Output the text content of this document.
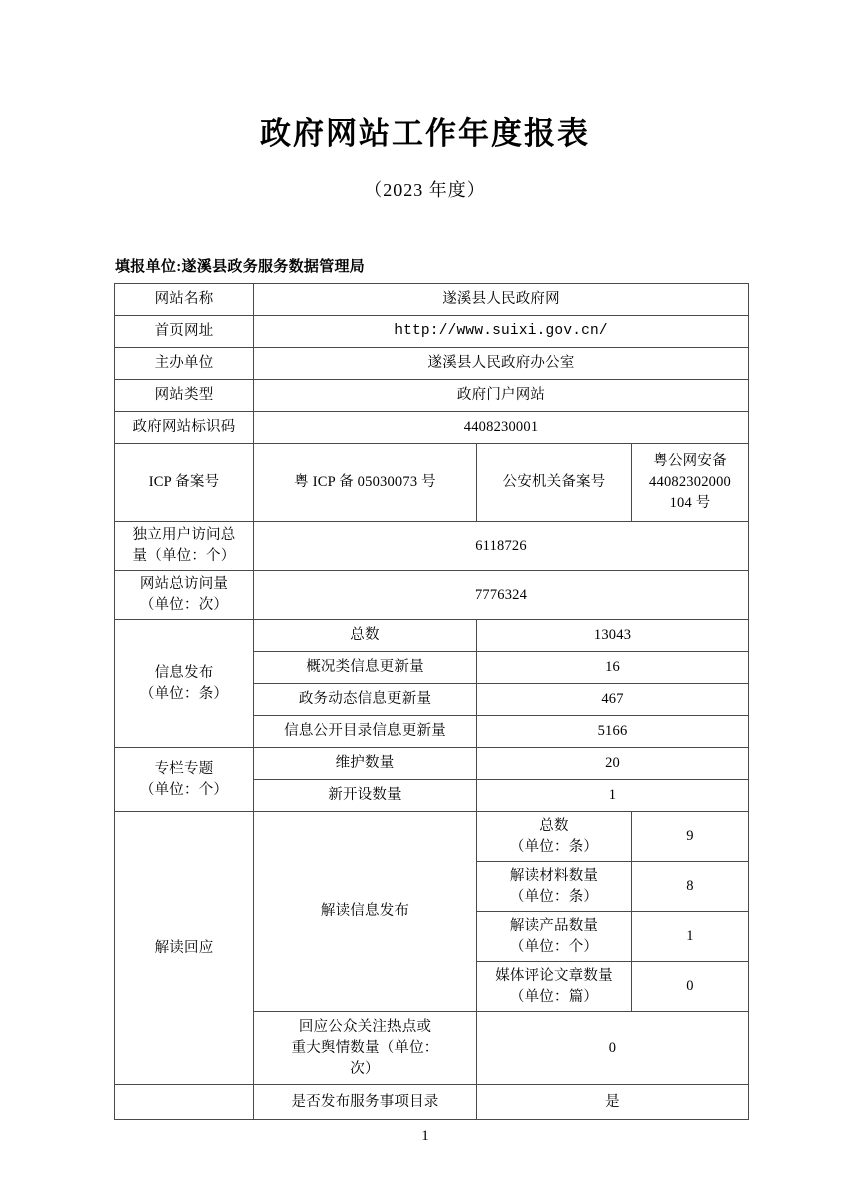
政府网站工作年度报表
（2023 年度）
填报单位:遂溪县政务服务数据管理局
网站名称	遂溪县人民政府网		
首页网址	http://www.suixi.gov.cn/		
主办单位	遂溪县人民政府办公室		
网站类型	政府门户网站		
政府网站标识码	4408230001		
ICP 备案号	粤 ICP 备 05030073 号	公安机关备案号	粤公网安备
44082302000
104 号

独立用户访问总
量（单位：个）	6118726		

网站总访问量
（单位：次）	7776324		

信息发布
（单位：条）	总数	13043	
	概况类信息更新量	16	
	政务动态信息更新量	467	
	信息公开目录信息更新量	5166	

专栏专题
（单位：个）	维护数量	20	
	新开设数量	1	
解读回应	解读信息发布	总数
（单位：条）	9

		解读材料数量
（单位：条）	8

		解读产品数量
（单位：个）	1

		媒体评论文章数量
（单位：篇）	0

	回应公众关注热点或
重大舆情数量（单位：
次）	0	
	是否发布服务事项目录	是	
1
